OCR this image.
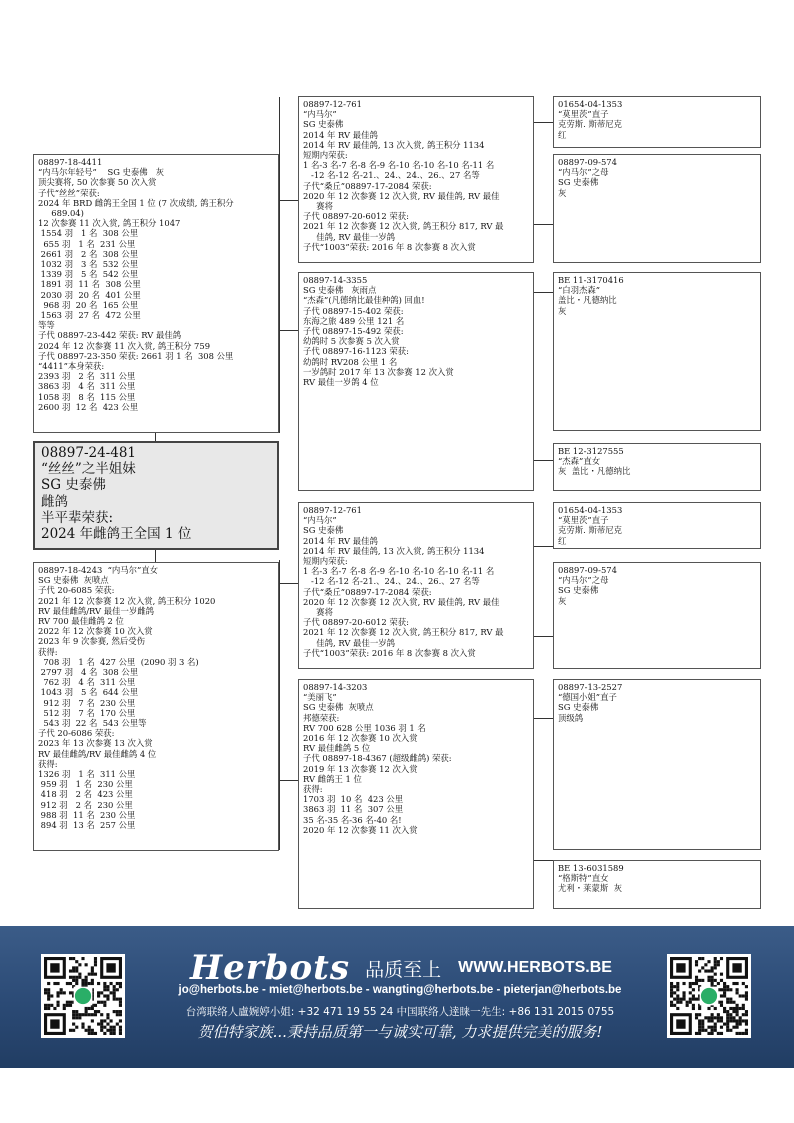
08897-18-4411
“内马尔年轻号”    SG 史泰佛   灰
顶尖赛将, 50 次参赛 50 次入赏
子代“丝丝”荣获:
2024 年 BRD 雌鸽王全国 1 位 (7 次成绩, 鸽王积分
689.04)
12 次参赛 11 次入赏, 鸽王积分 1047
1554 羽   1 名  308 公里
655 羽   1 名  231 公里
2661 羽   2 名  308 公里
1032 羽   3 名  532 公里
1339 羽   5 名  542 公里
1891 羽  11 名  308 公里
2030 羽  20 名  401 公里
968 羽  20 名  165 公里
1563 羽  27 名  472 公里
等等
子代 08897-23-442 荣获: RV 最佳鸽
2024 年 12 次参赛 11 次入赏, 鸽王积分 759
子代 08897-23-350 荣获: 2661 羽 1 名  308 公里
“4411”本身荣获:
2393 羽   2 名  311 公里
3863 羽   4 名  311 公里
1058 羽   8 名  115 公里
2600 羽  12 名  423 公里
08897-24-481
“丝丝”之半姐妹
SG 史泰佛
雌鸽
半平辈荣获:
2024 年雌鸽王全国 1 位
08897-18-4243  “内马尔”直女
SG 史泰佛  灰喷点
子代 20-6085 荣获:
2021 年 12 次参赛 12 次入赏, 鸽王积分 1020
RV 最佳雌鸽/RV 最佳一岁雌鸽
RV 700 最佳雌鸽 2 位
2022 年 12 次参赛 10 次入赏
2023 年 9 次参赛, 然后受伤
获得:
708 羽   1 名  427 公里  (2090 羽 3 名)
2797 羽   4 名  308 公里
762 羽   4 名  311 公里
1043 羽   5 名  644 公里
912 羽   7 名  230 公里
512 羽   7 名  170 公里
543 羽  22 名  543 公里等
子代 20-6086 荣获:
2023 年 13 次参赛 13 次入赏
RV 最佳雌鸽/RV 最佳雌鸽 4 位
获得:
1326 羽   1 名  311 公里
959 羽   1 名  230 公里
418 羽   2 名  423 公里
912 羽   2 名  230 公里
988 羽  11 名  230 公里
894 羽  13 名  257 公里
08897-12-761
“内马尔”
SG 史泰佛
2014 年 RV 最佳鸽
2014 年 RV 最佳鸽, 13 次入赏, 鸽王积分 1134
短期内荣获:
1 名-3 名-7 名-8 名-9 名-10 名-10 名-10 名-11 名
-12 名-12 名-21.、24.、24.、26.、27 名等
子代“桑丘”08897-17-2084 荣获:
2020 年 12 次参赛 12 次入赏, RV 最佳鸽, RV 最佳
赛将
子代 08897-20-6012 荣获:
2021 年 12 次参赛 12 次入赏, 鸽王积分 817, RV 最
佳鸽, RV 最佳一岁鸽
子代“1003”荣获: 2016 年 8 次参赛 8 次入赏
08897-14-3355
SG 史泰佛   灰雨点
“杰森”(凡德纳比最佳种鸽) 回血!
子代 08897-15-402 荣获:
东海之旅 489 公里 121 名
子代 08897-15-492 荣获:
幼鸽时 5 次参赛 5 次入赏
子代 08897-16-1123 荣获:
幼鸽时 RV208 公里 1 名
一岁鸽时 2017 年 13 次参赛 12 次入赏
RV 最佳一岁鸽 4 位
08897-12-761
“内马尔”
SG 史泰佛
2014 年 RV 最佳鸽
2014 年 RV 最佳鸽, 13 次入赏, 鸽王积分 1134
短期内荣获:
1 名-3 名-7 名-8 名-9 名-10 名-10 名-10 名-11 名
-12 名-12 名-21.、24.、24.、26.、27 名等
子代“桑丘”08897-17-2084 荣获:
2020 年 12 次参赛 12 次入赏, RV 最佳鸽, RV 最佳
赛将
子代 08897-20-6012 荣获:
2021 年 12 次参赛 12 次入赏, 鸽王积分 817, RV 最
佳鸽, RV 最佳一岁鸽
子代“1003”荣获: 2016 年 8 次参赛 8 次入赏
08897-14-3203
“美丽飞”
SG 史泰佛  灰喷点
邦德荣获:
RV 700 628 公里 1036 羽 1 名
2016 年 12 次参赛 10 次入赏
RV 最佳雌鸽 5 位
子代 08897-18-4367 (超级雌鸽) 荣获:
2019 年 13 次参赛 12 次入赏
RV 雌鸽王 1 位
获得:
1703 羽  10 名  423 公里
3863 羽  11 名  307 公里
35 名-35 名-36 名-40 名!
2020 年 12 次参赛 11 次入赏
01654-04-1353
“莫里茨”直子
克劳斯. 斯蒂尼克
红
08897-09-574
“内马尔”之母
SG 史泰佛
灰
BE 11-3170416
“白羽杰森”
盖比・凡德纳比
灰
BE 12-3127555
“杰森”直女
灰  盖比・凡德纳比
01654-04-1353
“莫里茨”直子
克劳斯. 斯蒂尼克
红
08897-09-574
“内马尔”之母
SG 史泰佛
灰
08897-13-2527
“德国小姐”直子
SG 史泰佛
顶级鸽
BE 13-6031589
“格斯特”直女
尤利・莱蒙斯  灰
Herbots 品质至上 WWW.HERBOTS.BE
jo@herbots.be - miet@herbots.be - wangting@herbots.be - pieterjan@herbots.be
台湾联络人盧婉婷小姐: +32 471 19 55 24 中国联络人逹睐一先生: +86 131 2015 0755
贺伯特家族...秉持品质第一与诚实可靠, 力求提供完美的服务!
